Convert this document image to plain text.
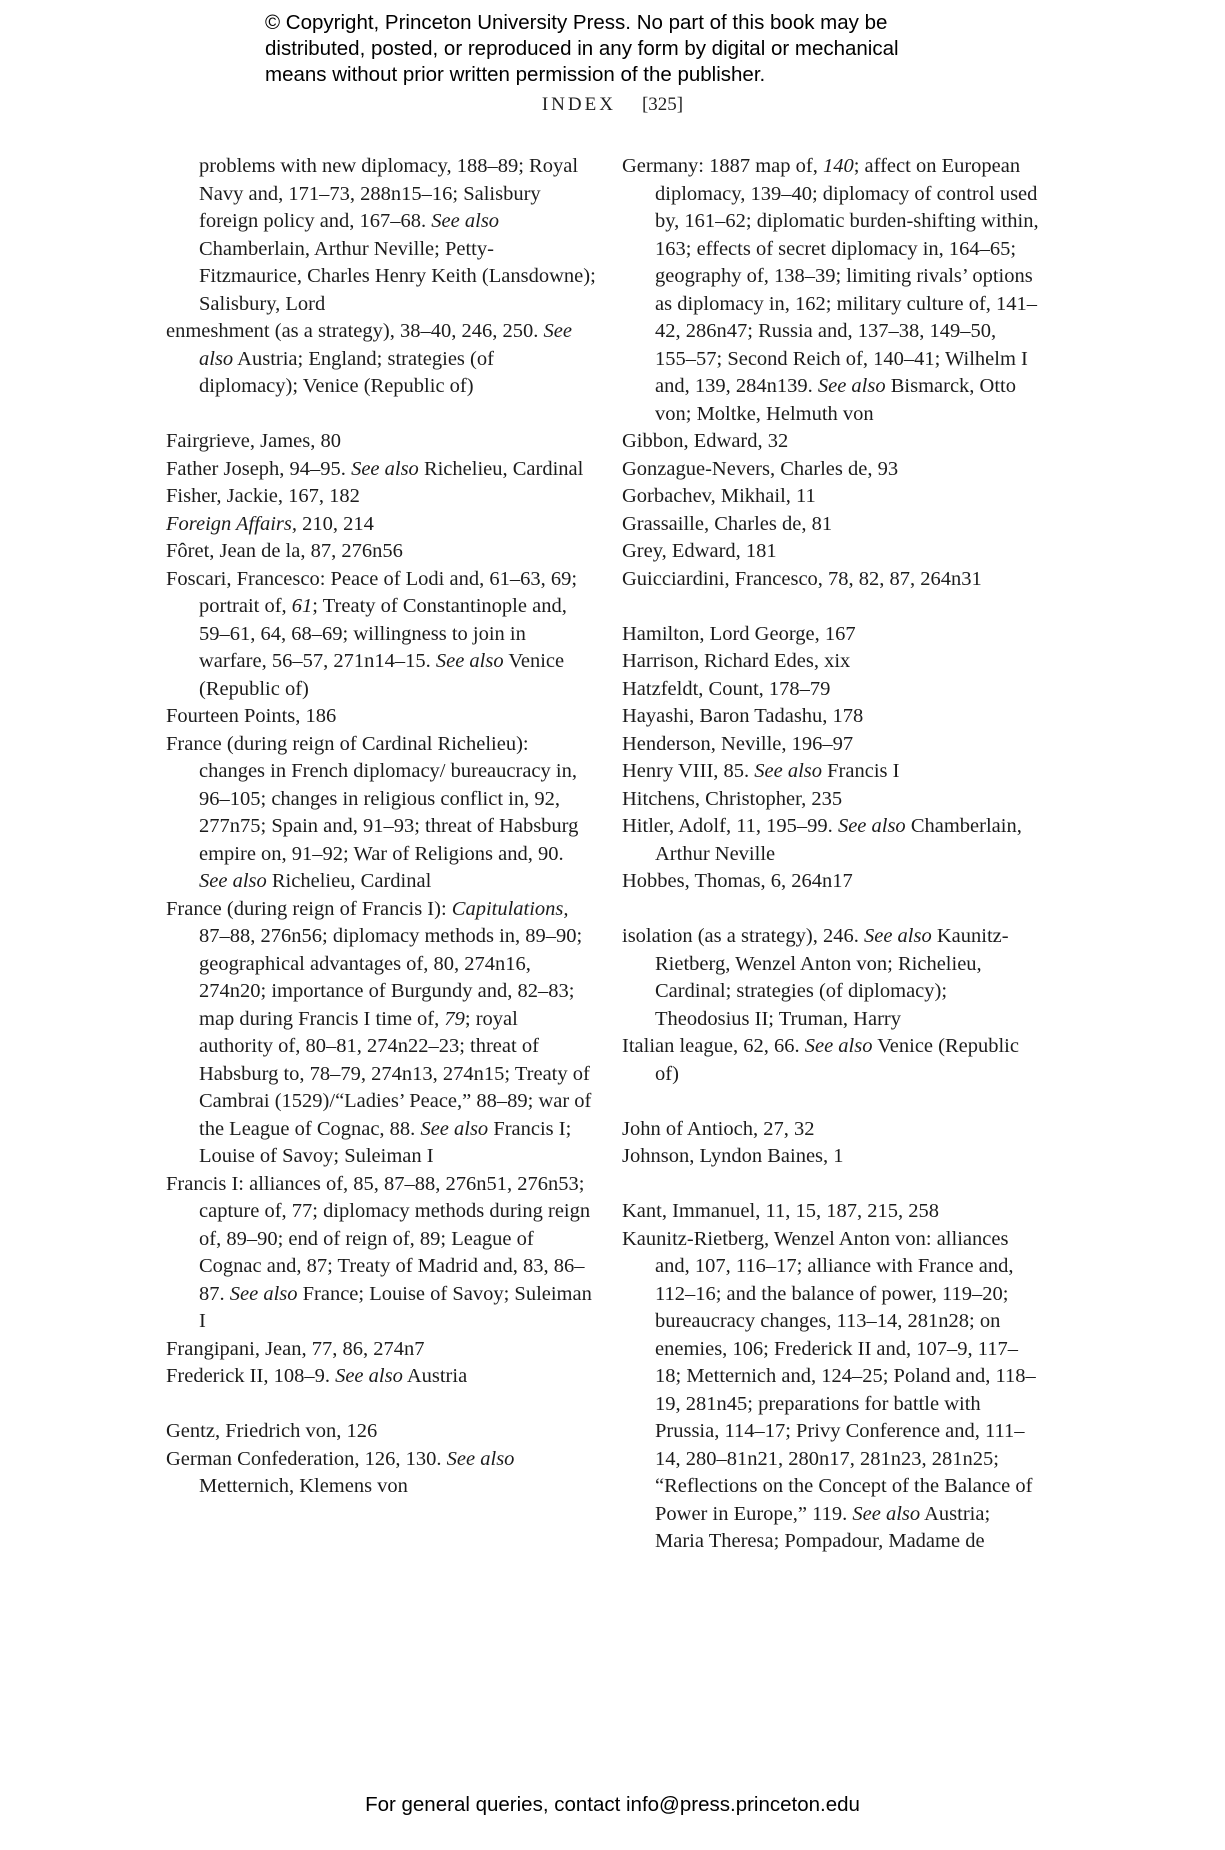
© Copyright, Princeton University Press. No part of this book may be
distributed, posted, or reproduced in any form by digital or mechanical
means without prior written permission of the publisher.
INDEX [325]
problems with new diplomacy, 188–89; Royal Navy and, 171–73, 288n15–16; Salisbury foreign policy and, 167–68. See also Chamberlain, Arthur Neville; Petty-Fitzmaurice, Charles Henry Keith (Lansdowne); Salisbury, Lord
enmeshment (as a strategy), 38–40, 246, 250. See also Austria; England; strategies (of diplomacy); Venice (Republic of)
Fairgrieve, James, 80
Father Joseph, 94–95. See also Richelieu, Cardinal
Fisher, Jackie, 167, 182
Foreign Affairs, 210, 214
Fôret, Jean de la, 87, 276n56
Foscari, Francesco: Peace of Lodi and, 61–63, 69; portrait of, 61; Treaty of Constantinople and, 59–61, 64, 68–69; willingness to join in warfare, 56–57, 271n14–15. See also Venice (Republic of)
Fourteen Points, 186
France (during reign of Cardinal Richelieu): changes in French diplomacy/ bureaucracy in, 96–105; changes in religious conflict in, 92, 277n75; Spain and, 91–93; threat of Habsburg empire on, 91–92; War of Religions and, 90. See also Richelieu, Cardinal
France (during reign of Francis I): Capitulations, 87–88, 276n56; diplomacy methods in, 89–90; geographical advantages of, 80, 274n16, 274n20; importance of Burgundy and, 82–83; map during Francis I time of, 79; royal authority of, 80–81, 274n22–23; threat of Habsburg to, 78–79, 274n13, 274n15; Treaty of Cambrai (1529)/“Ladies’ Peace,” 88–89; war of the League of Cognac, 88. See also Francis I; Louise of Savoy; Suleiman I
Francis I: alliances of, 85, 87–88, 276n51, 276n53; capture of, 77; diplomacy methods during reign of, 89–90; end of reign of, 89; League of Cognac and, 87; Treaty of Madrid and, 83, 86–87. See also France; Louise of Savoy; Suleiman I
Frangipani, Jean, 77, 86, 274n7
Frederick II, 108–9. See also Austria
Gentz, Friedrich von, 126
German Confederation, 126, 130. See also Metternich, Klemens von
Germany: 1887 map of, 140; affect on European diplomacy, 139–40; diplomacy of control used by, 161–62; diplomatic burden-shifting within, 163; effects of secret diplomacy in, 164–65; geography of, 138–39; limiting rivals’ options as diplomacy in, 162; military culture of, 141–42, 286n47; Russia and, 137–38, 149–50, 155–57; Second Reich of, 140–41; Wilhelm I and, 139, 284n139. See also Bismarck, Otto von; Moltke, Helmuth von
Gibbon, Edward, 32
Gonzague-Nevers, Charles de, 93
Gorbachev, Mikhail, 11
Grassaille, Charles de, 81
Grey, Edward, 181
Guicciardini, Francesco, 78, 82, 87, 264n31
Hamilton, Lord George, 167
Harrison, Richard Edes, xix
Hatzfeldt, Count, 178–79
Hayashi, Baron Tadashu, 178
Henderson, Neville, 196–97
Henry VIII, 85. See also Francis I
Hitchens, Christopher, 235
Hitler, Adolf, 11, 195–99. See also Chamberlain, Arthur Neville
Hobbes, Thomas, 6, 264n17
isolation (as a strategy), 246. See also Kaunitz-Rietberg, Wenzel Anton von; Richelieu, Cardinal; strategies (of diplomacy); Theodosius II; Truman, Harry
Italian league, 62, 66. See also Venice (Republic of)
John of Antioch, 27, 32
Johnson, Lyndon Baines, 1
Kant, Immanuel, 11, 15, 187, 215, 258
Kaunitz-Rietberg, Wenzel Anton von: alliances and, 107, 116–17; alliance with France and, 112–16; and the balance of power, 119–20; bureaucracy changes, 113–14, 281n28; on enemies, 106; Frederick II and, 107–9, 117–18; Metternich and, 124–25; Poland and, 118–19, 281n45; preparations for battle with Prussia, 114–17; Privy Conference and, 111–14, 280–81n21, 280n17, 281n23, 281n25; “Reflections on the Concept of the Balance of Power in Europe,” 119. See also Austria; Maria Theresa; Pompadour, Madame de
For general queries, contact info@press.princeton.edu
